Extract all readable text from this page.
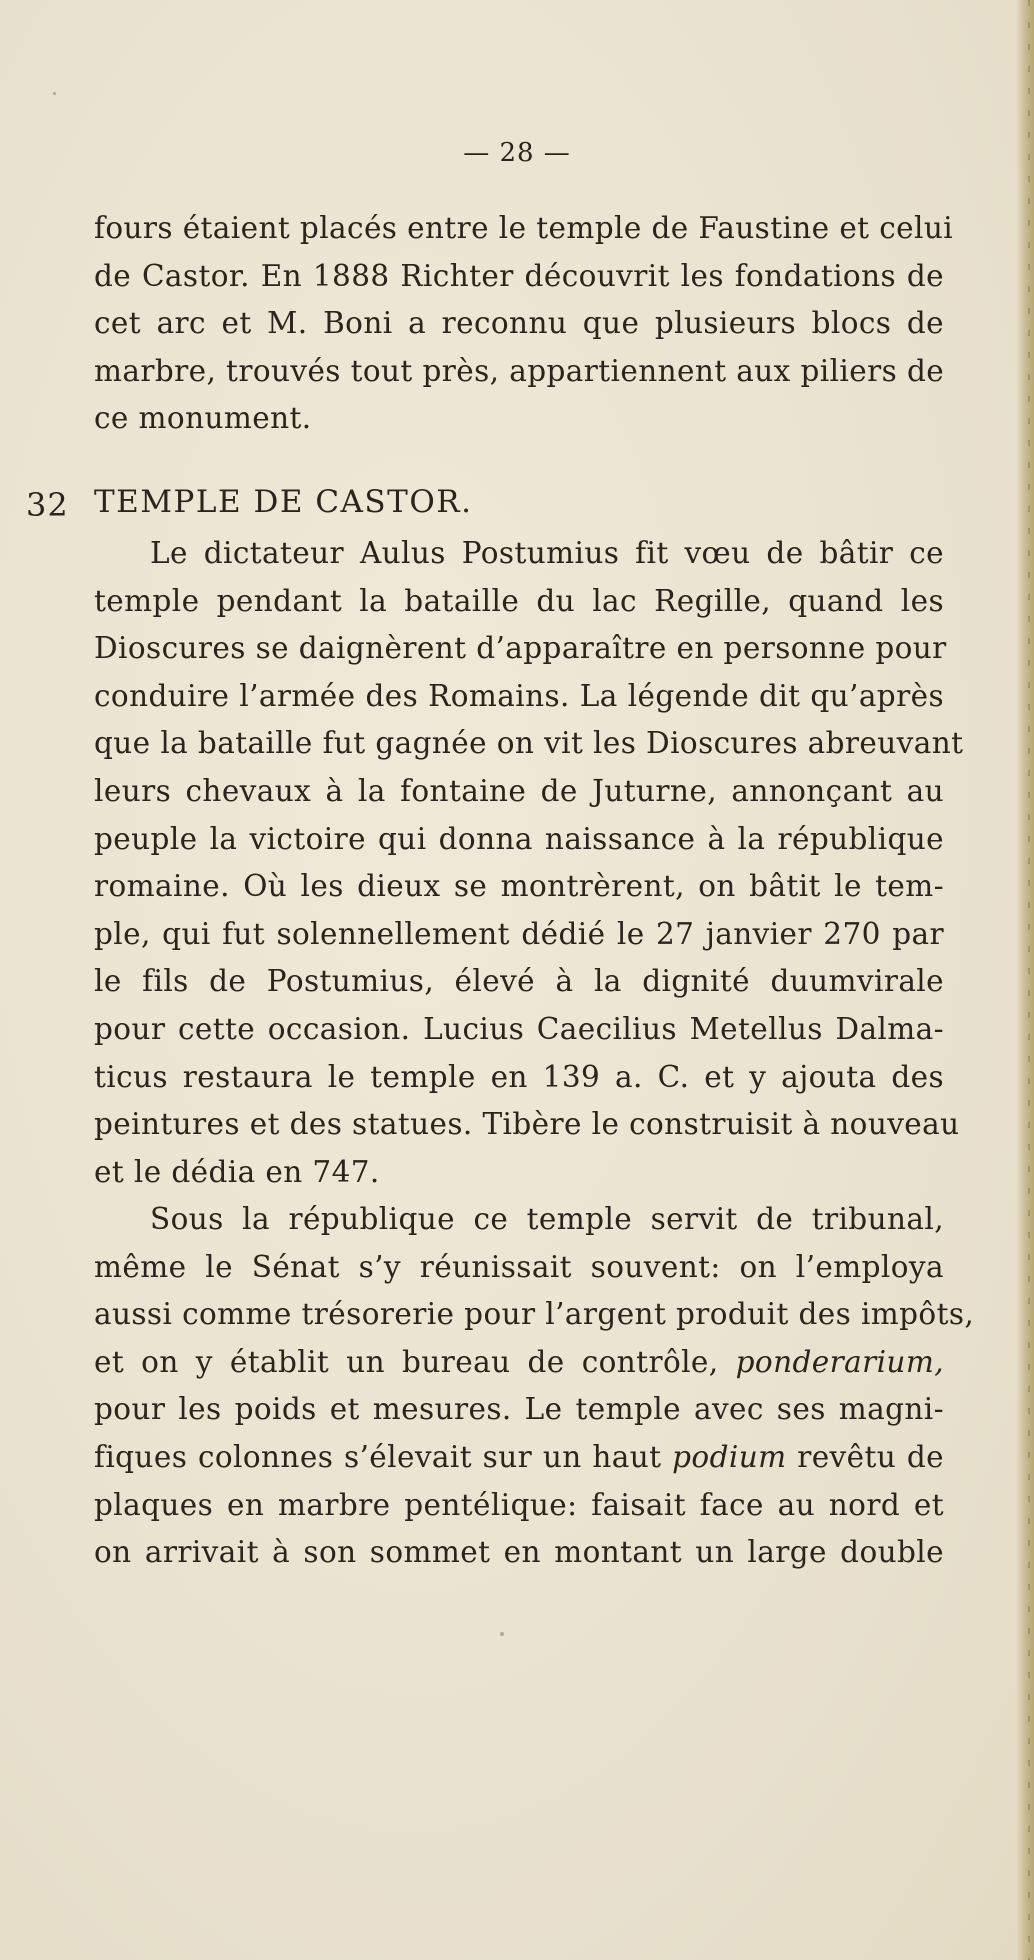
— 28 —
fours étaient placés entre le temple de Faustine et celui
de Castor. En 1888 Richter découvrit les fondations de
cet arc et M. Boni a reconnu que plusieurs blocs de
marbre, trouvés tout près, appartiennent aux piliers de
ce monument.
32 TEMPLE DE CASTOR.
Le dictateur Aulus Postumius fit vœu de bâtir ce
temple pendant la bataille du lac Regille, quand les
Dioscures se daignèrent d’apparaître en personne pour
conduire l’armée des Romains. La légende dit qu’après
que la bataille fut gagnée on vit les Dioscures abreuvant
leurs chevaux à la fontaine de Juturne, annonçant au
peuple la victoire qui donna naissance à la république
romaine. Où les dieux se montrèrent, on bâtit le tem-
ple, qui fut solennellement dédié le 27 janvier 270 par
le fils de Postumius, élevé à la dignité duumvirale
pour cette occasion. Lucius Caecilius Metellus Dalma-
ticus restaura le temple en 139 a. C. et y ajouta des
peintures et des statues. Tibère le construisit à nouveau
et le dédia en 747.
Sous la république ce temple servit de tribunal,
même le Sénat s’y réunissait souvent: on l’employa
aussi comme trésorerie pour l’argent produit des impôts,
et on y établit un bureau de contrôle, ponderarium,
pour les poids et mesures. Le temple avec ses magni-
fiques colonnes s’élevait sur un haut podium revêtu de
plaques en marbre pentélique: faisait face au nord et
on arrivait à son sommet en montant un large double
